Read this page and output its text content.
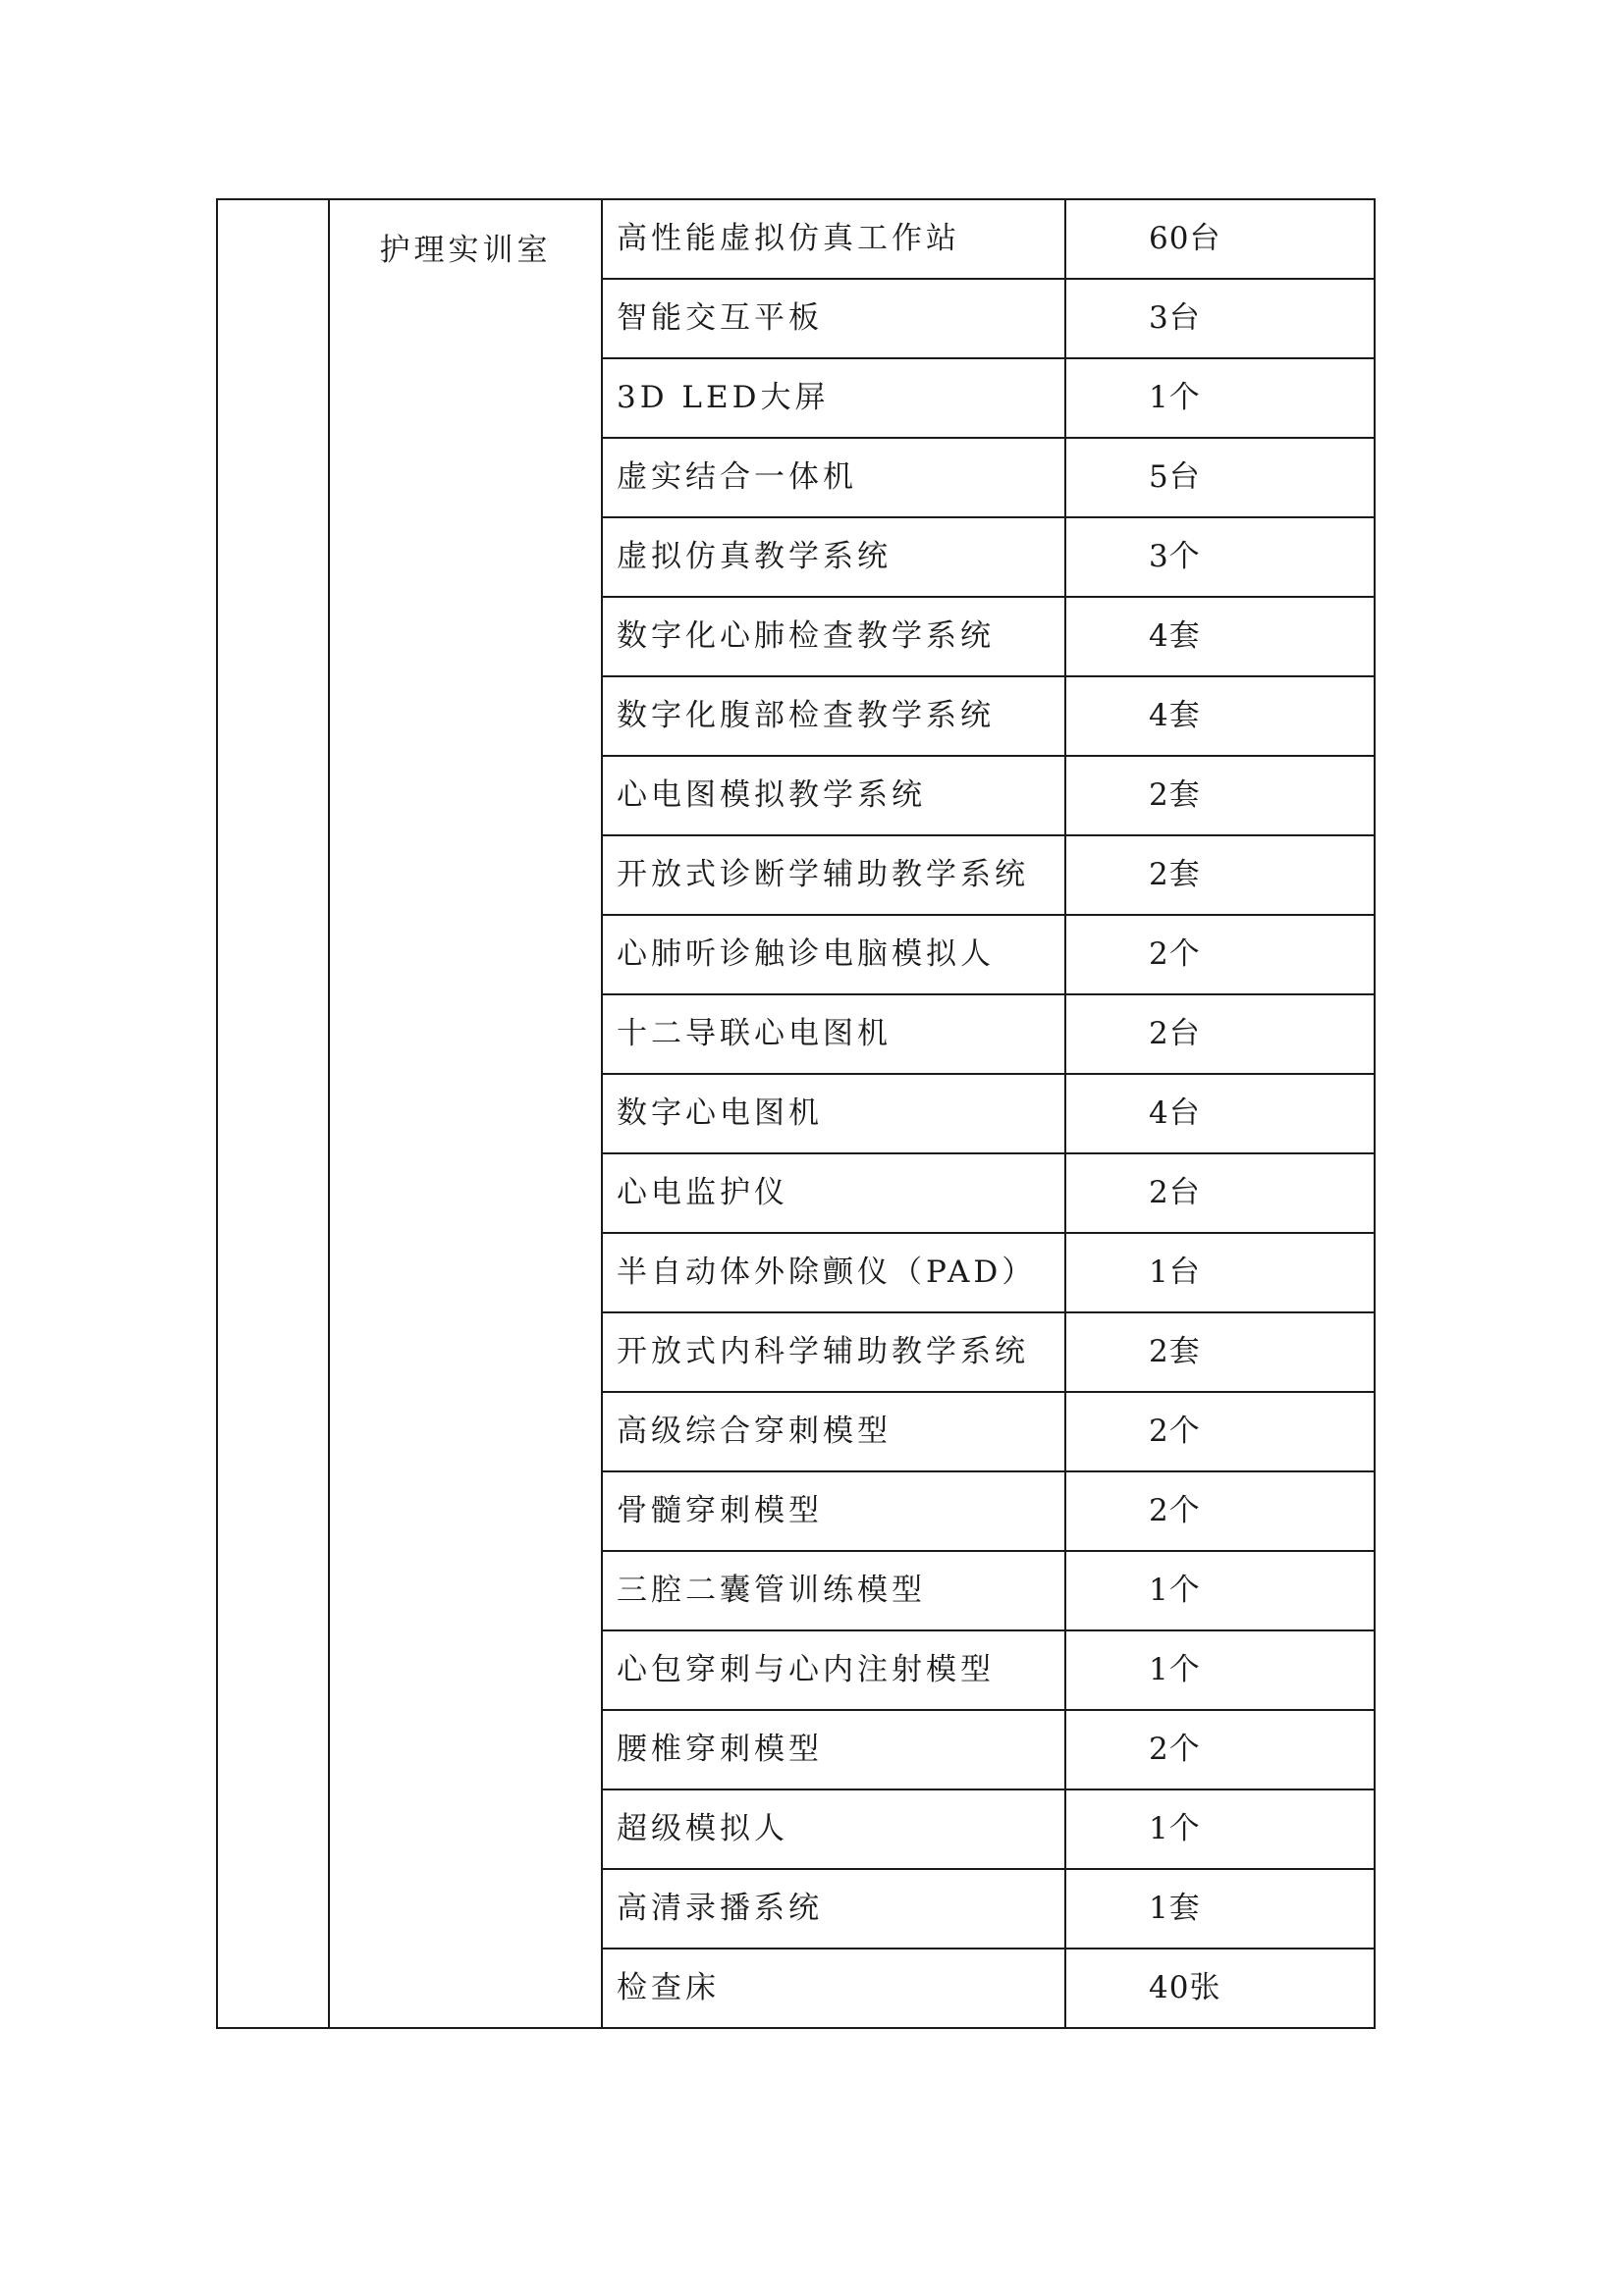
	护理实训室	高性能虚拟仿真工作站	60台
		智能交互平板	3台
		3D LED大屏	1个
		虚实结合一体机	5台
		虚拟仿真教学系统	3个
		数字化心肺检查教学系统	4套
		数字化腹部检查教学系统	4套
		心电图模拟教学系统	2套
		开放式诊断学辅助教学系统	2套
		心肺听诊触诊电脑模拟人	2个
		十二导联心电图机	2台
		数字心电图机	4台
		心电监护仪	2台
		半自动体外除颤仪（PAD）	1台
		开放式内科学辅助教学系统	2套
		高级综合穿刺模型	2个
		骨髓穿刺模型	2个
		三腔二囊管训练模型	1个
		心包穿刺与心内注射模型	1个
		腰椎穿刺模型	2个
		超级模拟人	1个
		高清录播系统	1套
		检查床	40张
